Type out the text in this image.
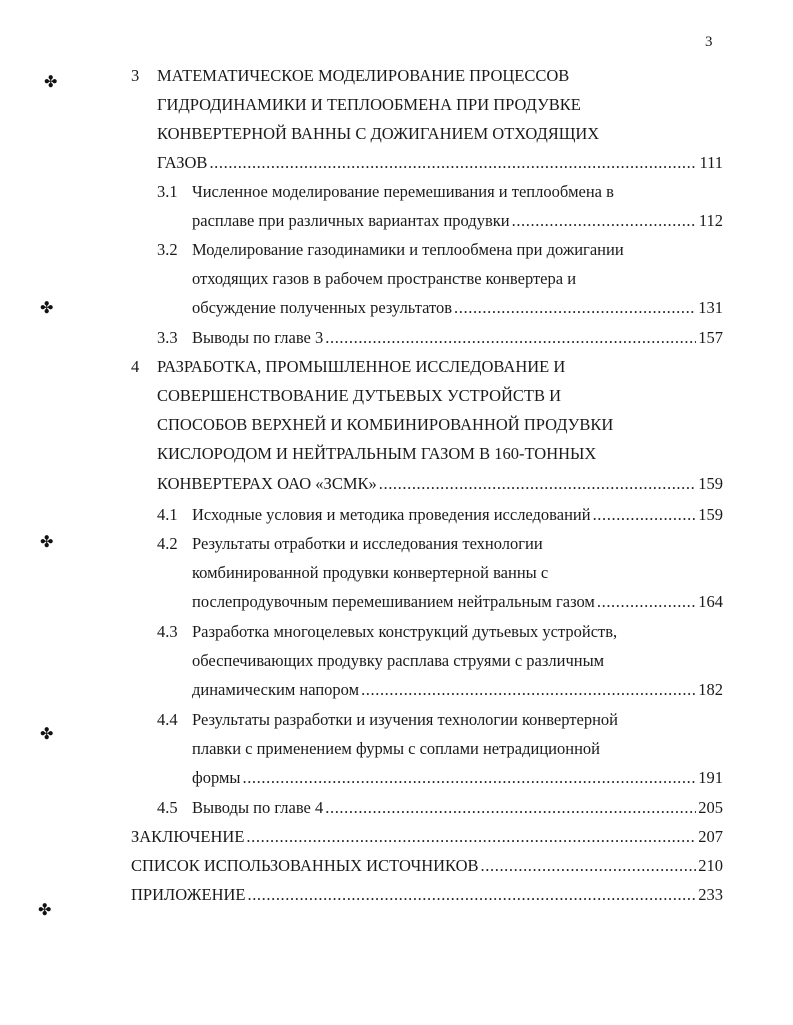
3
✤
✤
✤
✤
✤
3 МАТЕМАТИЧЕСКОЕ МОДЕЛИРОВАНИЕ ПРОЦЕССОВ
ГИДРОДИНАМИКИ И ТЕПЛООБМЕНА ПРИ ПРОДУВКЕ
КОНВЕРТЕРНОЙ ВАННЫ С ДОЖИГАНИЕМ ОТХОДЯЩИХ
ГАЗОВ .....	111
3.1 Численное моделирование перемешивания и теплообмена в
расплаве при различных вариантах продувки .....	112
3.2 Моделирование газодинамики и теплообмена при дожигании
отходящих газов в рабочем пространстве конвертера и
обсуждение полученных результатов .....	131
3.3 Выводы по главе 3 .....	157
4 РАЗРАБОТКА, ПРОМЫШЛЕННОЕ ИССЛЕДОВАНИЕ И
СОВЕРШЕНСТВОВАНИЕ ДУТЬЕВЫХ УСТРОЙСТВ И
СПОСОБОВ ВЕРХНЕЙ И КОМБИНИРОВАННОЙ ПРОДУВКИ
КИСЛОРОДОМ И НЕЙТРАЛЬНЫМ ГАЗОМ В 160-ТОННЫХ
КОНВЕРТЕРАХ ОАО «ЗСМК» .....	159
4.1 Исходные условия и методика проведения исследований .....	159
4.2 Результаты отработки и исследования технологии
комбинированной продувки конвертерной ванны с
послепродувочным перемешиванием нейтральным газом .....	164
4.3 Разработка многоцелевых конструкций дутьевых устройств,
обеспечивающих продувку расплава струями с различным
динамическим напором .....	182
4.4 Результаты разработки и изучения технологии конвертерной
плавки с применением фурмы с соплами нетрадиционной
формы .....	191
4.5 Выводы по главе 4 .....	205
ЗАКЛЮЧЕНИЕ .....	207
СПИСОК ИСПОЛЬЗОВАННЫХ ИСТОЧНИКОВ .....	210
ПРИЛОЖЕНИЕ .....	233
